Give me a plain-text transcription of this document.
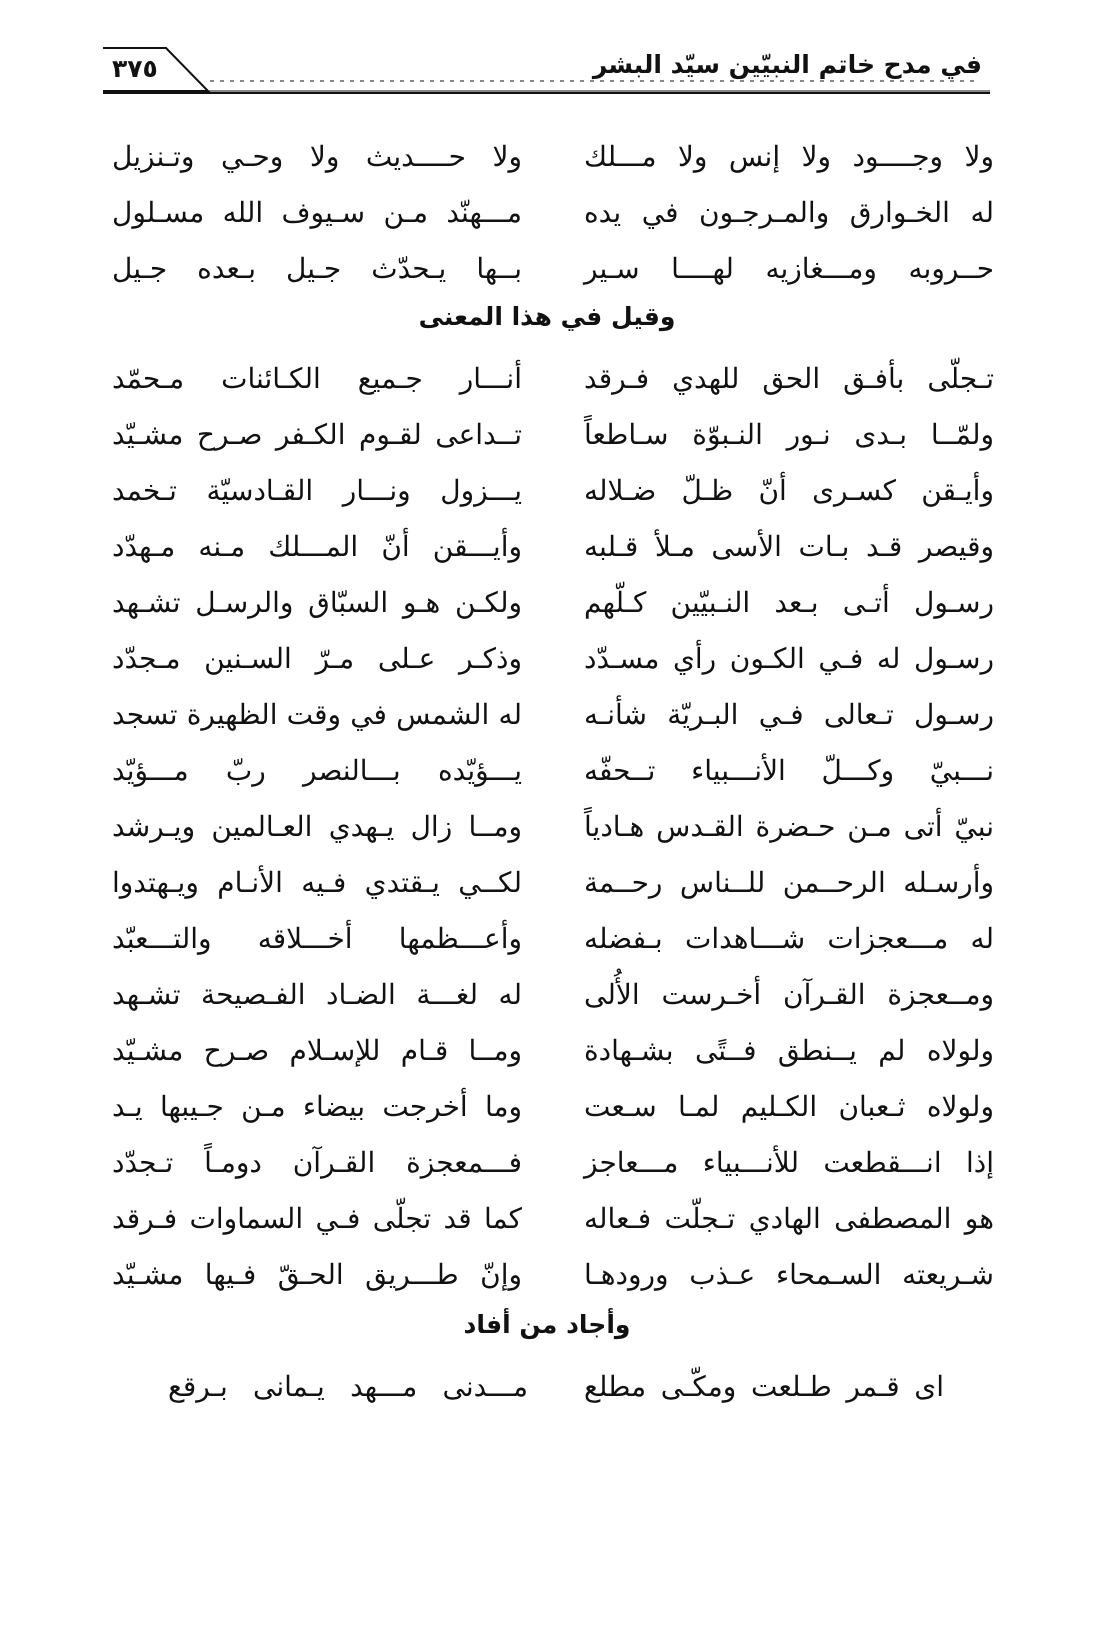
في مدح خاتم النبيّين سيّد البشر
٣٧٥
ولا وجــــود ولا إنس ولا مـــلك
ولا حــــديث ولا وحـي وتـنزيل
له الخـوارق والمـرجـون في يده
مـــهنّد مـن سـيوف الله مسـلول
حــروبه ومـــغازيه لهــــا سـير
بــها يـحدّث جـيل بـعده جـيل
وقيل في هذا المعنى
تـجلّى بأفـق الحق للهدي فـرقد
أنـــار جـميع الكـائنات مـحمّد
ولمّــا بـدى نـور النـبوّة سـاطعاً
تــداعى لقـوم الكـفر صـرح مشـيّد
وأيـقن كسـرى أنّ ظـلّ ضـلاله
يـــزول ونـــار القـادسيّة تـخمد
وقيصر قـد بـات الأسى مـلأ قـلبه
وأيـــقن أنّ المـــلك مـنه مـهدّد
رسـول أتـى بـعد النـبيّين كـلّهم
ولكـن هـو السبّاق والرسـل تشـهد
رسـول له فـي الكـون رأي مسـدّد
وذكـر عـلى مـرّ السـنين مـجدّد
رسـول تـعالى فـي البـريّة شأنـه
له الشمس في وقت الظهيرة تسجد
نـــبيّ وكـــلّ الأنـــبياء تــحفّه
يـــؤيّده بـــالنصر ربّ مـــؤيّد
نبيّ أتى مـن حـضرة القـدس هـادياً
ومــا زال يـهدي العـالمين ويـرشد
وأرسـله الرحــمن للــناس رحــمة
لكــي يـقتدي فـيه الأنـام ويـهتدوا
له مـــعجزات شـــاهدات بـفضله
وأعـــظمها أخـــلاقه والتـــعبّد
ومــعجزة القـرآن أخـرست الأُلى
له لغـــة الضـاد الفـصيحة تشـهد
ولولاه لم يــنطق فــتًى بشـهادة
ومــا قـام للإسـلام صـرح مشـيّد
ولولاه ثـعبان الكـليم لمـا سـعت
وما أخرجت بيضاء مـن جـيبها يـد
إذا انـــقطعت للأنـــبياء مـــعاجز
فـــمعجزة القـرآن دومـاً تـجدّد
هو المصطفى الهادي تـجلّت فـعاله
كما قد تجلّى فـي السماوات فـرقد
شـريعته السـمحاء عـذب ورودهـا
وإنّ طـــريق الحـقّ فـيها مشـيّد
وأجاد من أفاد
اى قـمر طـلعت ومكّـى مطلع
مـــدنى مـــهد يـمانى بـرقع
